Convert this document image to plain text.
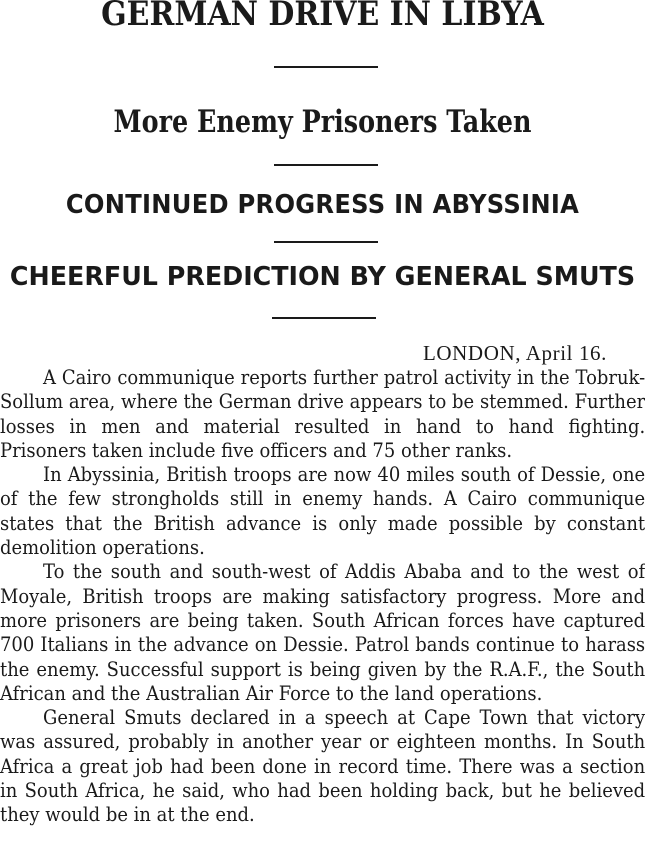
GERMAN DRIVE IN LIBYA
More Enemy Prisoners Taken
CONTINUED PROGRESS IN ABYSSINIA
CHEERFUL PREDICTION BY GENERAL SMUTS
LONDON, April 16.

A Cairo communique reports further patrol activity in the Tobruk-Sollum area, where the German drive appears to be stemmed. Further losses in men and material resulted in hand to hand fighting. Prisoners taken include five officers and 75 other ranks.

In Abyssinia, British troops are now 40 miles south of Dessie, one of the few strongholds still in enemy hands. A Cairo communique states that the British advance is only made possible by constant demolition operations.

To the south and south-west of Addis Ababa and to the west of Moyale, British troops are making satisfactory progress. More and more prisoners are being taken. South African forces have captured 700 Italians in the advance on Dessie. Patrol bands continue to harass the enemy. Successful support is being given by the R.A.F., the South African and the Australian Air Force to the land operations.

General Smuts declared in a speech at Cape Town that victory was assured, probably in another year or eighteen months. In South Africa a great job had been done in record time. There was a section in South Africa, he said, who had been holding back, but he believed they would be in at the end.
